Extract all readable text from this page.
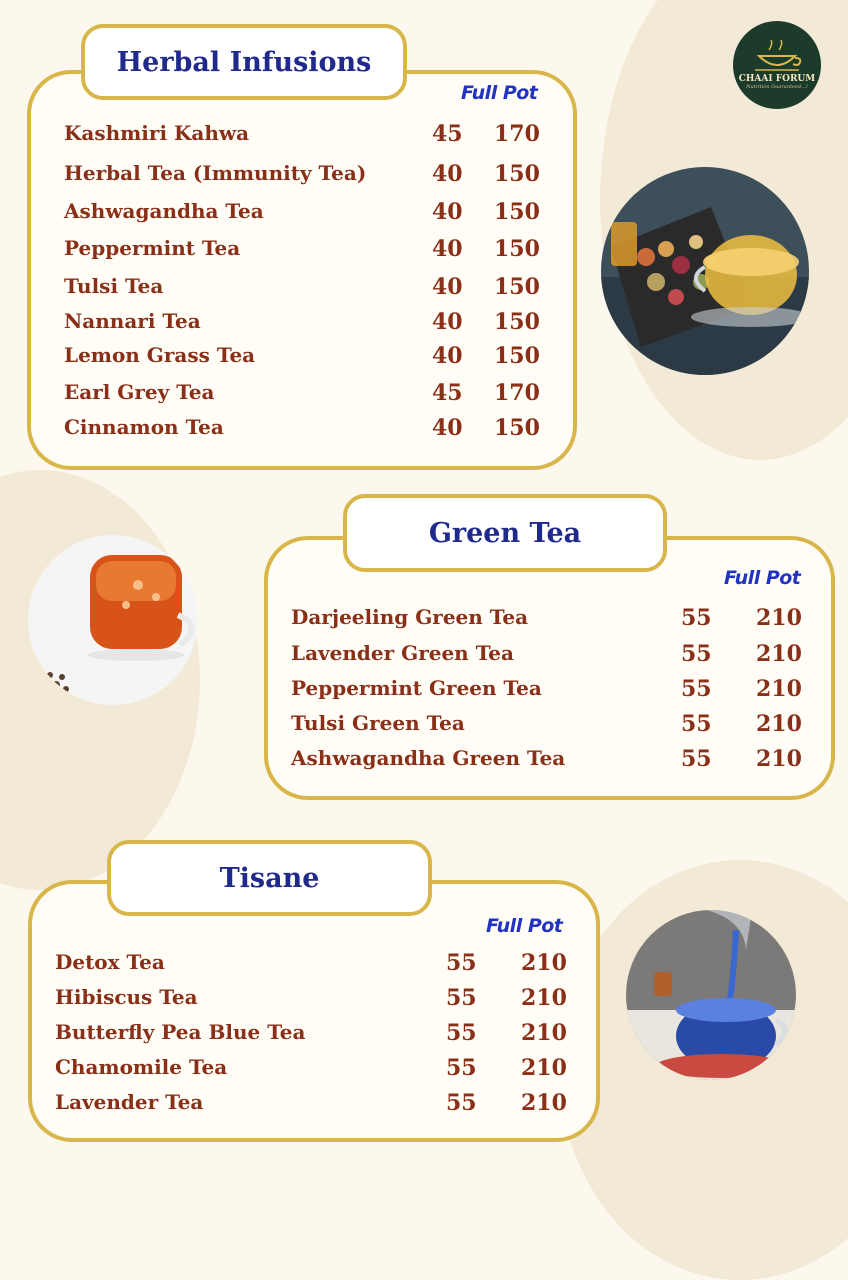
CHAAI FORUM
Nutrition Guaranteed...!
Herbal Infusions
Full Pot
Kashmiri Kahwa	45 170
Herbal Tea (Immunity Tea)	40 150
Ashwagandha Tea	40 150
Peppermint Tea	40 150
Tulsi Tea	40 150
Nannari Tea	40 150
Lemon Grass Tea	40 150
Earl Grey Tea	45 170
Cinnamon Tea	40 150
Green Tea
Full Pot
Darjeeling Green Tea	55 210
Lavender Green Tea	55 210
Peppermint Green Tea	55 210
Tulsi Green Tea	55 210
Ashwagandha Green Tea	55 210
Tisane
Full Pot
Detox Tea	55 210
Hibiscus Tea	55 210
Butterfly Pea Blue Tea	55 210
Chamomile Tea	55 210
Lavender Tea	55 210
